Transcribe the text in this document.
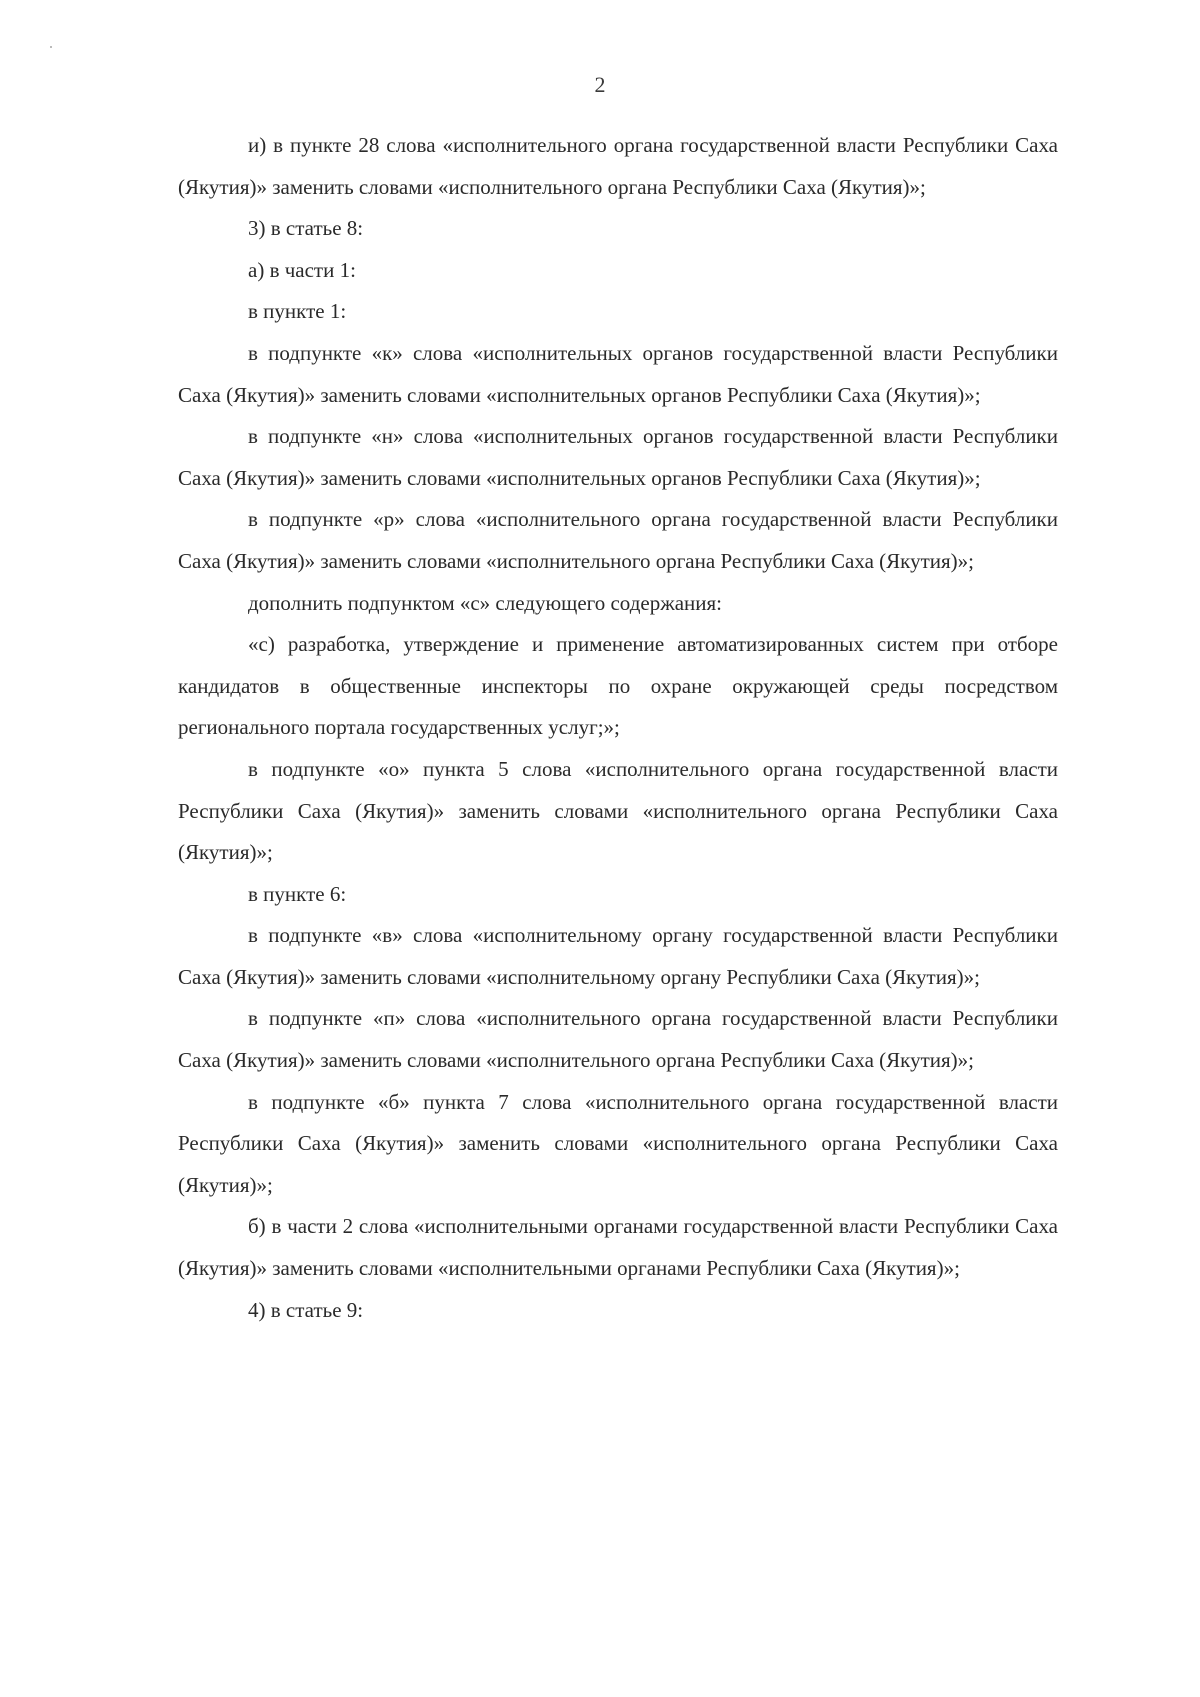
2

и) в пункте 28 слова «исполнительного органа государственной власти Республики Саха (Якутия)» заменить словами «исполнительного органа Республики Саха (Якутия)»;

3) в статье 8:

а) в части 1:

в пункте 1:

в подпункте «к» слова «исполнительных органов государственной власти Республики Саха (Якутия)» заменить словами «исполнительных органов Республики Саха (Якутия)»;

в подпункте «н» слова «исполнительных органов государственной власти Республики Саха (Якутия)» заменить словами «исполнительных органов Республики Саха (Якутия)»;

в подпункте «р» слова «исполнительного органа государственной власти Республики Саха (Якутия)» заменить словами «исполнительного органа Республики Саха (Якутия)»;

дополнить подпунктом «с» следующего содержания:

«с) разработка, утверждение и применение автоматизированных систем при отборе кандидатов в общественные инспекторы по охране окружающей среды посредством регионального портала государственных услуг;»;

в подпункте «о» пункта 5 слова «исполнительного органа государственной власти Республики Саха (Якутия)» заменить словами «исполнительного органа Республики Саха (Якутия)»;

в пункте 6:

в подпункте «в» слова «исполнительному органу государственной власти Республики Саха (Якутия)» заменить словами «исполнительному органу Республики Саха (Якутия)»;

в подпункте «п» слова «исполнительного органа государственной власти Республики Саха (Якутия)» заменить словами «исполнительного органа Республики Саха (Якутия)»;

в подпункте «б» пункта 7 слова «исполнительного органа государственной власти Республики Саха (Якутия)» заменить словами «исполнительного органа Республики Саха (Якутия)»;

б) в части 2 слова «исполнительными органами государственной власти Республики Саха (Якутия)» заменить словами «исполнительными органами Республики Саха (Якутия)»;

4) в статье 9:
